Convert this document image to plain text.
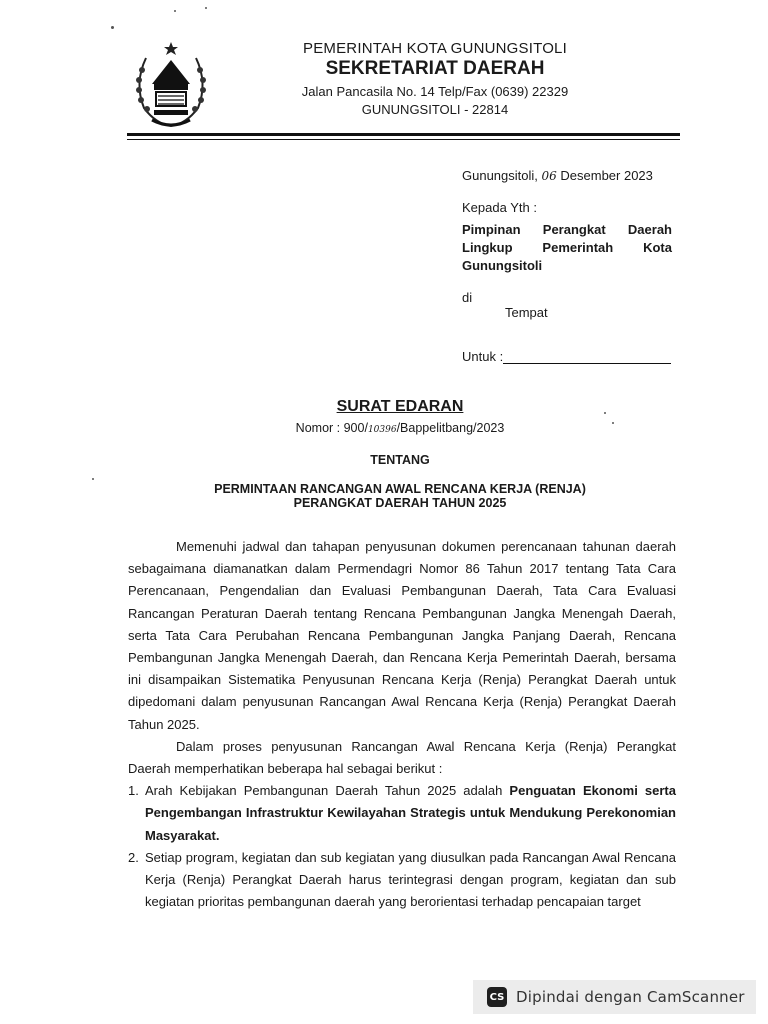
PEMERINTAH KOTA GUNUNGSITOLI
SEKRETARIAT DAERAH
Jalan Pancasila No. 14 Telp/Fax (0639) 22329
GUNUNGSITOLI - 22814
Gunungsitoli, 06 Desember 2023
Kepada Yth :
Pimpinan Perangkat Daerah Lingkup Pemerintah Kota Gunungsitoli
di
Tempat
Untuk :
SURAT EDARAN
Nomor : 900/10396/Bappelitbang/2023
TENTANG
PERMINTAAN RANCANGAN AWAL RENCANA KERJA (RENJA)
PERANGKAT DAERAH TAHUN 2025

Memenuhi jadwal dan tahapan penyusunan dokumen perencanaan tahunan daerah sebagaimana diamanatkan dalam Permendagri Nomor 86 Tahun 2017 tentang Tata Cara Perencanaan, Pengendalian dan Evaluasi Pembangunan Daerah, Tata Cara Evaluasi Rancangan Peraturan Daerah tentang Rencana Pembangunan Jangka Menengah Daerah, serta Tata Cara Perubahan Rencana Pembangunan Jangka Panjang Daerah, Rencana Pembangunan Jangka Menengah Daerah, dan Rencana Kerja Pemerintah Daerah, bersama ini disampaikan Sistematika Penyusunan Rencana Kerja (Renja) Perangkat Daerah untuk dipedomani dalam penyusunan Rancangan Awal Rencana Kerja (Renja) Perangkat Daerah Tahun 2025.

Dalam proses penyusunan Rancangan Awal Rencana Kerja (Renja) Perangkat Daerah memperhatikan beberapa hal sebagai berikut :

1. Arah Kebijakan Pembangunan Daerah Tahun 2025 adalah Penguatan Ekonomi serta Pengembangan Infrastruktur Kewilayahan Strategis untuk Mendukung Perekonomian Masyarakat.
2. Setiap program, kegiatan dan sub kegiatan yang diusulkan pada Rancangan Awal Rencana Kerja (Renja) Perangkat Daerah harus terintegrasi dengan program, kegiatan dan sub kegiatan prioritas pembangunan daerah yang berorientasi terhadap pencapaian target
CS Dipindai dengan CamScanner
